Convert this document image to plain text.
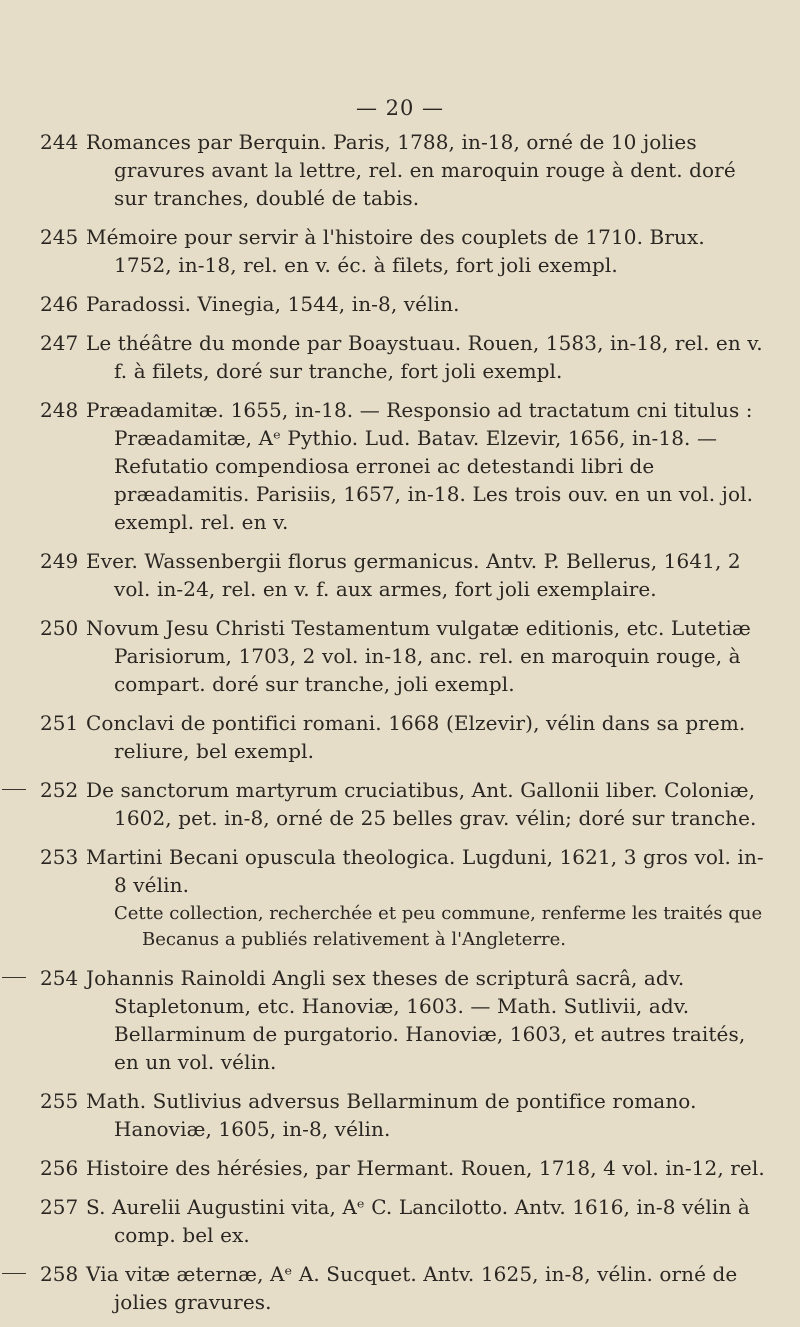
— 20 —
244 Romances par Berquin. Paris, 1788, in-18, orné de 10 jolies gravures avant la lettre, rel. en maroquin rouge à dent. doré sur tranches, doublé de tabis.
245 Mémoire pour servir à l'histoire des couplets de 1710. Brux. 1752, in-18, rel. en v. éc. à filets, fort joli exempl.
246 Paradossi. Vinegia, 1544, in-8, vélin.
247 Le théâtre du monde par Boaystuau. Rouen, 1583, in-18, rel. en v. f. à filets, doré sur tranche, fort joli exempl.
248 Præadamitæ. 1655, in-18. — Responsio ad tractatum cni titulus : Præadamitæ, Aᵉ Pythio. Lud. Batav. Elzevir, 1656, in-18. — Refutatio compendiosa erronei ac detestandi libri de præadamitis. Parisiis, 1657, in-18. Les trois ouv. en un vol. jol. exempl. rel. en v.
249 Ever. Wassenbergii florus germanicus. Antv. P. Bellerus, 1641, 2 vol. in-24, rel. en v. f. aux armes, fort joli exemplaire.
250 Novum Jesu Christi Testamentum vulgatæ editionis, etc. Lutetiæ Parisiorum, 1703, 2 vol. in-18, anc. rel. en maroquin rouge, à compart. doré sur tranche, joli exempl.
251 Conclavi de pontifici romani. 1668 (Elzevir), vélin dans sa prem. reliure, bel exempl.
252 De sanctorum martyrum cruciatibus, Ant. Gallonii liber. Coloniæ, 1602, pet. in-8, orné de 25 belles grav. vélin; doré sur tranche.
253 Martini Becani opuscula theologica. Lugduni, 1621, 3 gros vol. in-8 vélin.
Cette collection, recherchée et peu commune, renferme les traités que Becanus a publiés relativement à l'Angleterre.
254 Johannis Rainoldi Angli sex theses de scripturâ sacrâ, adv. Stapletonum, etc. Hanoviæ, 1603. — Math. Sutlivii, adv. Bellarminum de purgatorio. Hanoviæ, 1603, et autres traités, en un vol. vélin.
255 Math. Sutlivius adversus Bellarminum de pontifice romano. Hanoviæ, 1605, in-8, vélin.
256 Histoire des hérésies, par Hermant. Rouen, 1718, 4 vol. in-12, rel.
257 S. Aurelii Augustini vita, Aᵉ C. Lancilotto. Antv. 1616, in-8 vélin à comp. bel ex.
258 Via vitæ æternæ, Aᵉ A. Sucquet. Antv. 1625, in-8, vélin. orné de jolies gravures.
